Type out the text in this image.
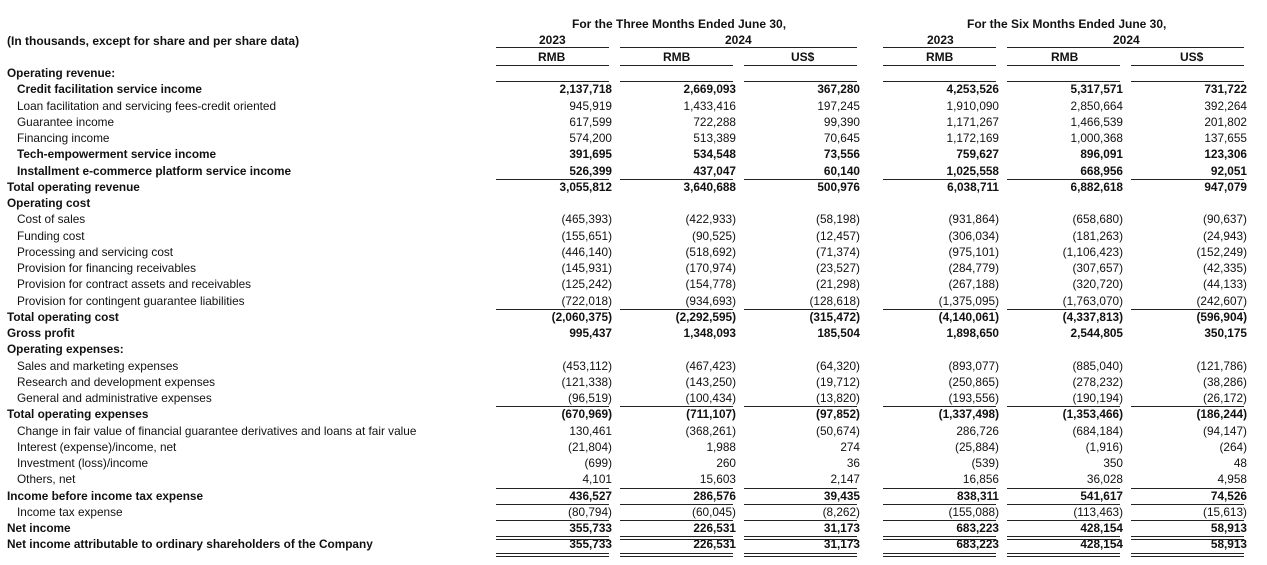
For the Three Months Ended June 30,	For the Six Months Ended June 30,
(In thousands, except for share and per share data)	2023	2024	2023	2024
RMB	RMB	US$	RMB	RMB	US$
Operating revenue:
Credit facilitation service income	2,137,718	2,669,093	367,280	4,253,526	5,317,571	731,722
Loan facilitation and servicing fees-credit oriented	945,919	1,433,416	197,245	1,910,090	2,850,664	392,264
Guarantee income	617,599	722,288	99,390	1,171,267	1,466,539	201,802
Financing income	574,200	513,389	70,645	1,172,169	1,000,368	137,655
Tech-empowerment service income	391,695	534,548	73,556	759,627	896,091	123,306
Installment e-commerce platform service income	526,399	437,047	60,140	1,025,558	668,956	92,051
Total operating revenue	3,055,812	3,640,688	500,976	6,038,711	6,882,618	947,079
Operating cost
Cost of sales	(465,393)	(422,933)	(58,198)	(931,864)	(658,680)	(90,637)
Funding cost	(155,651)	(90,525)	(12,457)	(306,034)	(181,263)	(24,943)
Processing and servicing cost	(446,140)	(518,692)	(71,374)	(975,101)	(1,106,423)	(152,249)
Provision for financing receivables	(145,931)	(170,974)	(23,527)	(284,779)	(307,657)	(42,335)
Provision for contract assets and receivables	(125,242)	(154,778)	(21,298)	(267,188)	(320,720)	(44,133)
Provision for contingent guarantee liabilities	(722,018)	(934,693)	(128,618)	(1,375,095)	(1,763,070)	(242,607)
Total operating cost	(2,060,375)	(2,292,595)	(315,472)	(4,140,061)	(4,337,813)	(596,904)
Gross profit	995,437	1,348,093	185,504	1,898,650	2,544,805	350,175
Operating expenses:
Sales and marketing expenses	(453,112)	(467,423)	(64,320)	(893,077)	(885,040)	(121,786)
Research and development expenses	(121,338)	(143,250)	(19,712)	(250,865)	(278,232)	(38,286)
General and administrative expenses	(96,519)	(100,434)	(13,820)	(193,556)	(190,194)	(26,172)
Total operating expenses	(670,969)	(711,107)	(97,852)	(1,337,498)	(1,353,466)	(186,244)
Change in fair value of financial guarantee derivatives and loans at fair value	130,461	(368,261)	(50,674)	286,726	(684,184)	(94,147)
Interest (expense)/income, net	(21,804)	1,988	274	(25,884)	(1,916)	(264)
Investment (loss)/income	(699)	260	36	(539)	350	48
Others, net	4,101	15,603	2,147	16,856	36,028	4,958
Income before income tax expense	436,527	286,576	39,435	838,311	541,617	74,526
Income tax expense	(80,794)	(60,045)	(8,262)	(155,088)	(113,463)	(15,613)
Net income	355,733	226,531	31,173	683,223	428,154	58,913
Net income attributable to ordinary shareholders of the Company	355,733	226,531	31,173	683,223	428,154	58,913
